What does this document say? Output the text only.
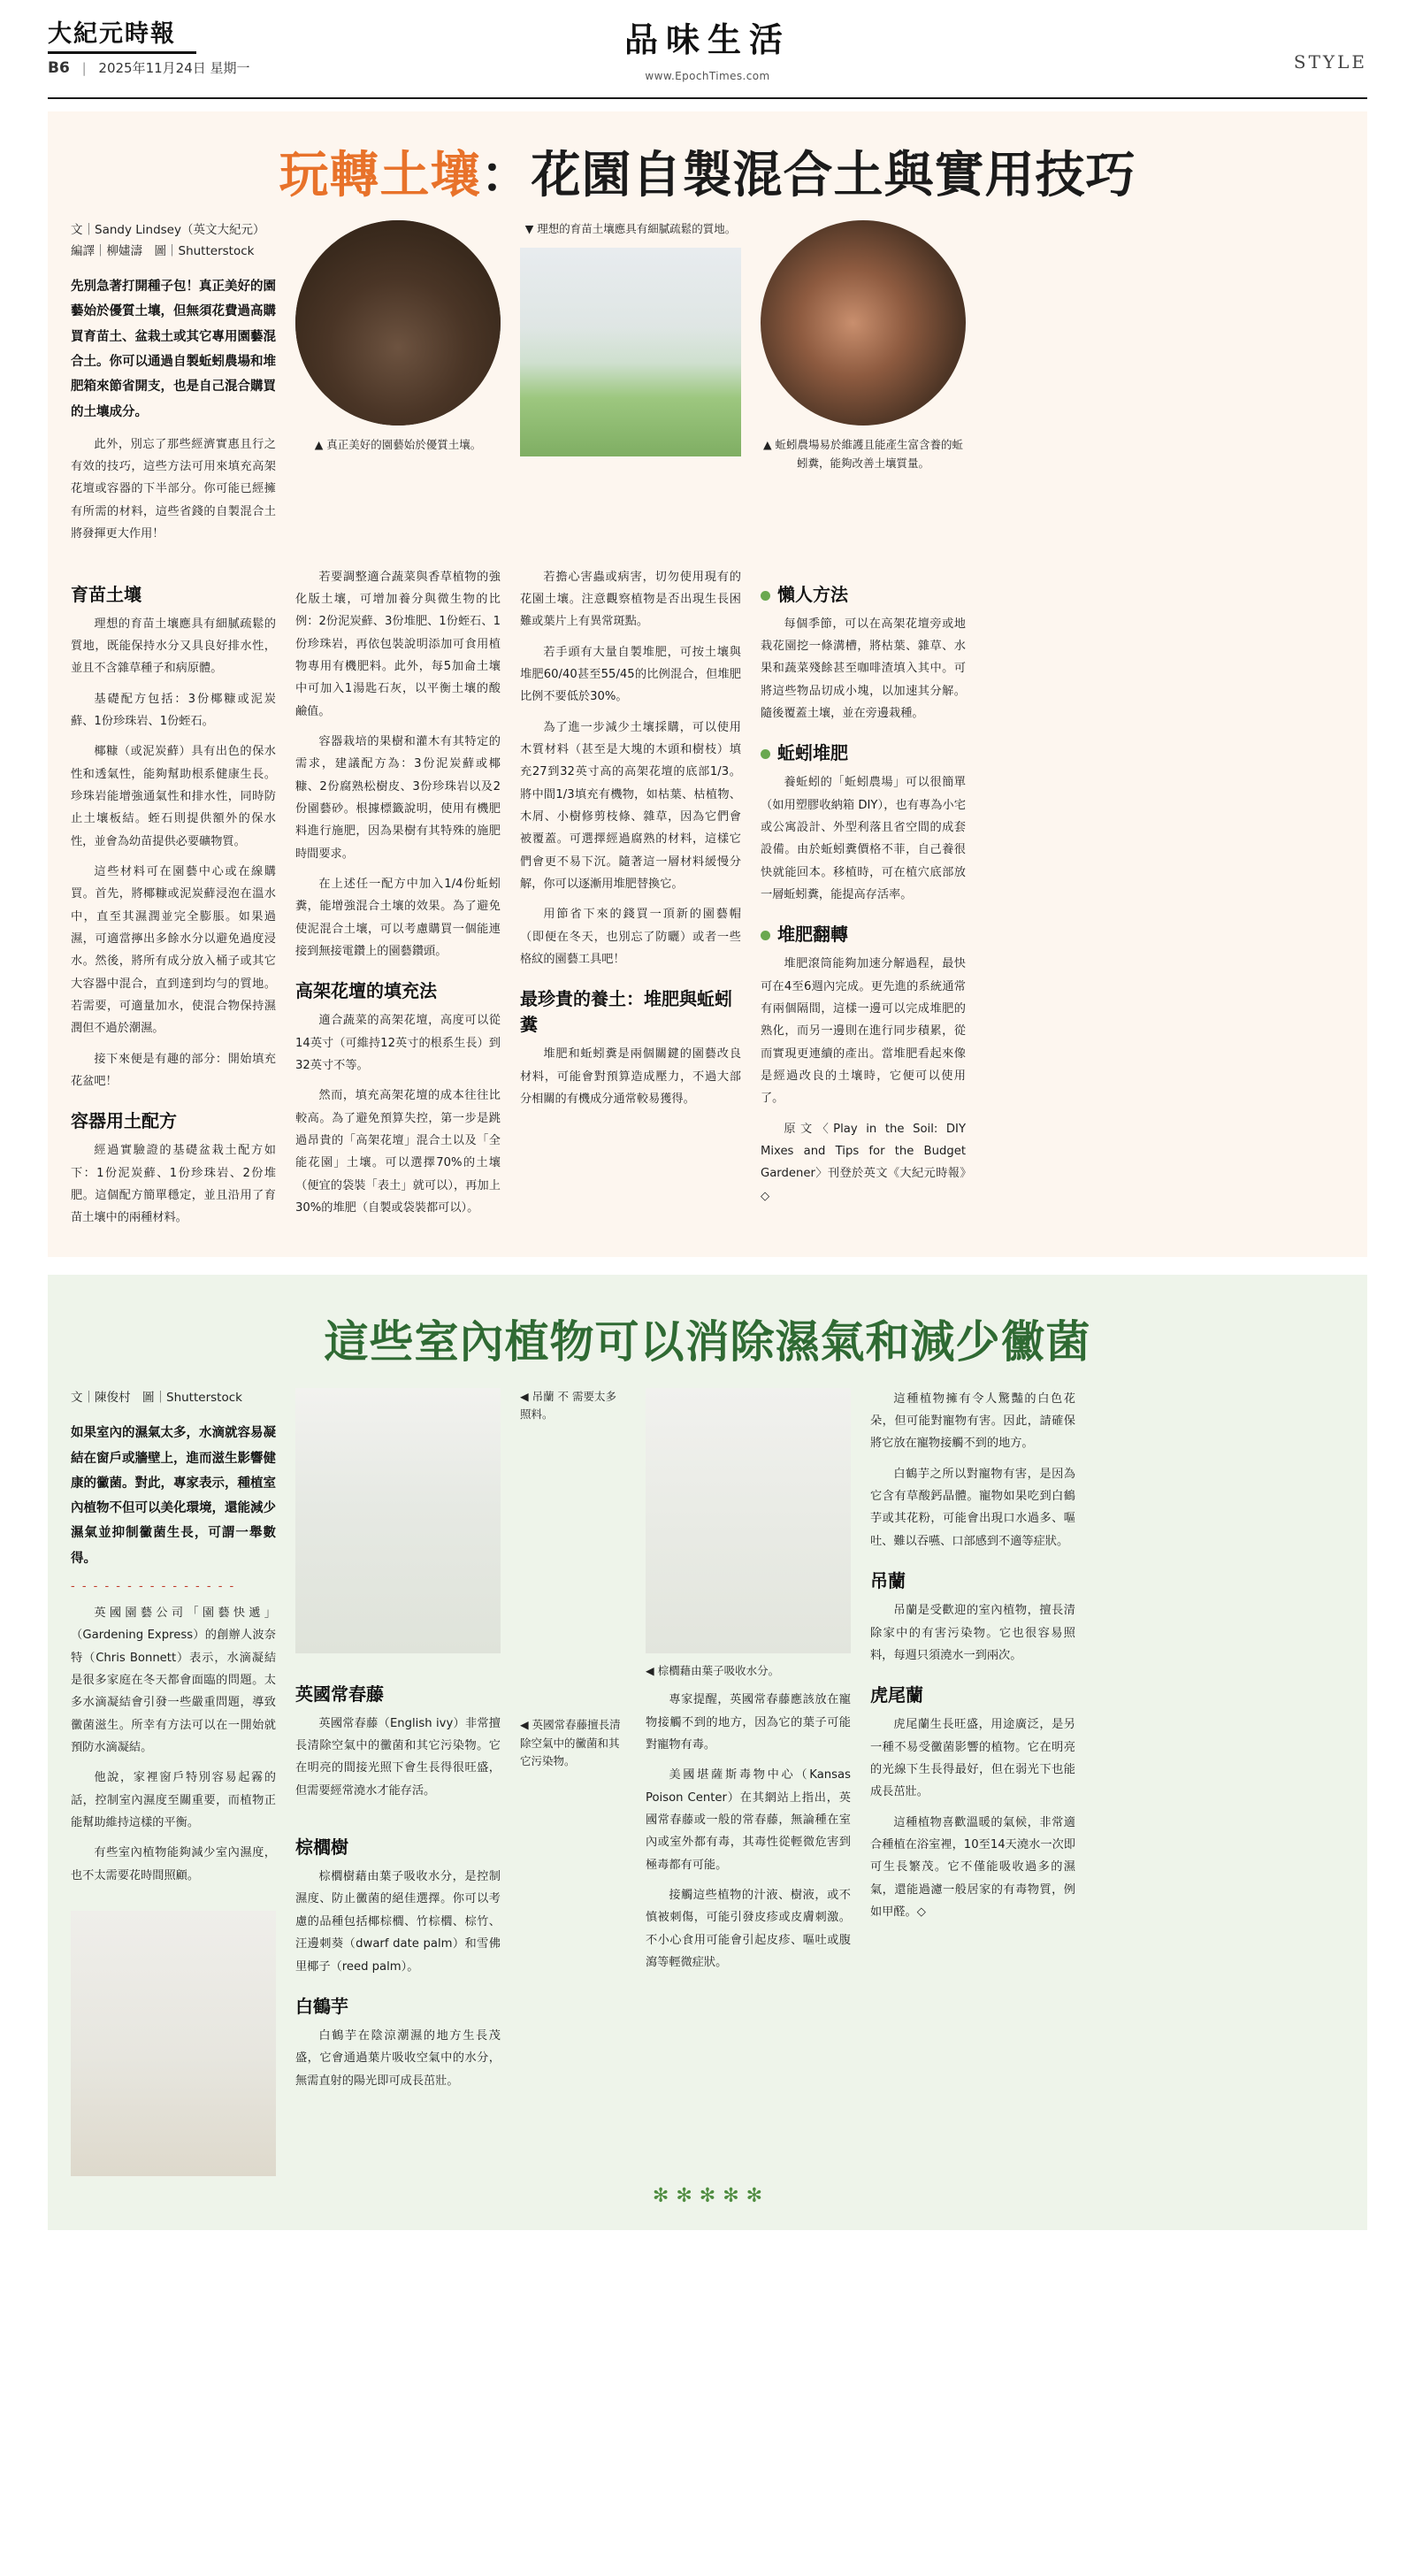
大紀元時報
B6 | 2025年11月24日 星期一
品味生活
www.EpochTimes.com
STYLE
玩轉土壤：花園自製混合土與實用技巧
文｜Sandy Lindsey（英文大紀元）
編譯｜柳嫿濤　圖｜Shutterstock

先別急著打開種子包！真正美好的園藝始於優質土壤，但無須花費過高購買育苗土、盆栽土或其它專用園藝混合土。你可以通過自製蚯蚓農場和堆肥箱來節省開支，也是自己混合購買的土壤成分。

此外，別忘了那些經濟實惠且行之有效的技巧，這些方法可用來填充高架花壇或容器的下半部分。你可能已經擁有所需的材料，這些省錢的自製混合土將發揮更大作用！

▲ 真正美好的園藝始於優質土壤。
▼ 理想的育苗土壤應具有細膩疏鬆的質地。
▲ 蚯蚓農場易於維護且能產生富含養的蚯蚓糞，能夠改善土壤質量。
育苗土壤

理想的育苗土壤應具有細膩疏鬆的質地，既能保持水分又具良好排水性，並且不含雜草種子和病原體。

基礎配方包括：3份椰糠或泥炭蘚、1份珍珠岩、1份蛭石。

椰糠（或泥炭蘚）具有出色的保水性和透氣性，能夠幫助根系健康生長。珍珠岩能增強通氣性和排水性，同時防止土壤板結。蛭石則提供額外的保水性，並會為幼苗提供必要礦物質。

這些材料可在園藝中心或在線購買。首先，將椰糠或泥炭蘚浸泡在溫水中，直至其濕潤並完全膨脹。如果過濕，可適當擰出多餘水分以避免過度浸水。然後，將所有成分放入桶子或其它大容器中混合，直到達到均勻的質地。若需要，可適量加水，使混合物保持濕潤但不過於潮濕。

接下來便是有趣的部分：開始填充花盆吧！

容器用土配方

經過實驗證的基礎盆栽土配方如下：1份泥炭蘚、1份珍珠岩、2份堆肥。這個配方簡單穩定，並且沿用了育苗土壤中的兩種材料。

若要調整適合蔬菜與香草植物的強化版土壤，可增加養分與微生物的比例：2份泥炭蘚、3份堆肥、1份蛭石、1份珍珠岩，再依包裝說明添加可食用植物專用有機肥料。此外，每5加侖土壤中可加入1湯匙石灰，以平衡土壤的酸鹼值。

容器栽培的果樹和灌木有其特定的需求，建議配方為：3份泥炭蘚或椰糠、2份腐熟松樹皮、3份珍珠岩以及2份園藝砂。根據標籤說明，使用有機肥料進行施肥，因為果樹有其特殊的施肥時間要求。

在上述任一配方中加入1/4份蚯蚓糞，能增強混合土壤的效果。為了避免使泥混合土壤，可以考慮購買一個能連接到無接電鑽上的園藝鑽頭。

高架花壇的填充法

適合蔬菜的高架花壇，高度可以從14英寸（可維持12英寸的根系生長）到32英寸不等。

然而，填充高架花壇的成本往往比較高。為了避免預算失控，第一步是跳過昂貴的「高架花壇」混合土以及「全能花園」土壤。可以選擇70%的土壤（便宜的袋裝「表土」就可以），再加上30%的堆肥（自製或袋裝都可以）。

若擔心害蟲或病害，切勿使用現有的花園土壤。注意觀察植物是否出現生長困難或葉片上有異常斑點。

若手頭有大量自製堆肥，可按土壤與堆肥60/40甚至55/45的比例混合，但堆肥比例不要低於30%。

為了進一步減少土壤採購，可以使用木質材料（甚至是大塊的木頭和樹枝）填充27到32英寸高的高架花壇的底部1/3。將中間1/3填充有機物，如枯葉、枯植物、木屑、小樹修剪枝條、雜草，因為它們會被覆蓋。可選擇經過腐熟的材料，這樣它們會更不易下沉。隨著這一層材料緩慢分解，你可以逐漸用堆肥替換它。

用節省下來的錢買一頂新的園藝帽（即便在冬天，也別忘了防曬）或者一些格紋的園藝工具吧！

最珍貴的養土：堆肥與蚯蚓糞

堆肥和蚯蚓糞是兩個關鍵的園藝改良材料，可能會對預算造成壓力，不過大部分相關的有機成分通常較易獲得。

懶人方法

每個季節，可以在高架花壇旁或地栽花園挖一條溝槽，將枯葉、雜草、水果和蔬菜殘餘甚至咖啡渣填入其中。可將這些物品切成小塊，以加速其分解。隨後覆蓋土壤，並在旁邊栽種。

蚯蚓堆肥

養蚯蚓的「蚯蚓農場」可以很簡單（如用塑膠收納箱 DIY），也有專為小宅或公寓設計、外型利落且省空間的成套設備。由於蚯蚓糞價格不菲，自己養很快就能回本。移植時，可在植穴底部放一層蚯蚓糞，能提高存活率。

堆肥翻轉

堆肥滾筒能夠加速分解過程，最快可在4至6週內完成。更先進的系統通常有兩個隔間，這樣一邊可以完成堆肥的熟化，而另一邊則在進行同步積累，從而實現更連續的產出。當堆肥看起來像是經過改良的土壤時，它便可以使用了。

原文〈Play in the Soil: DIY Mixes and Tips for the Budget Gardener〉刊登於英文《大紀元時報》◇

這些室內植物可以消除濕氣和減少黴菌
文｜陳俊村　圖｜Shutterstock

如果室內的濕氣太多，水滴就容易凝結在窗戶或牆壁上，進而滋生影響健康的黴菌。對此，專家表示，種植室內植物不但可以美化環境，還能減少濕氣並抑制黴菌生長，可謂一舉數得。

- - - - - - - - - - - - - - -

英國園藝公司「園藝快遞」（Gardening Express）的創辦人波奈特（Chris Bonnett）表示，水滴凝結是很多家庭在冬天都會面臨的問題。太多水滴凝結會引發一些嚴重問題，導致黴菌滋生。所幸有方法可以在一開始就預防水滴凝結。

他說，家裡窗戶特別容易起霧的話，控制室內濕度至關重要，而植物正能幫助維持這樣的平衡。

有些室內植物能夠減少室內濕度，也不太需要花時間照顧。

英國常春藤

英國常春藤（English ivy）非常擅長清除空氣中的黴菌和其它污染物。它在明亮的間接光照下會生長得很旺盛，但需要經常澆水才能存活。

棕櫚樹

棕櫚樹藉由葉子吸收水分，是控制濕度、防止黴菌的絕佳選擇。你可以考慮的品種包括椰棕櫚、竹棕櫚、棕竹、汪邊刺葵（dwarf date palm）和雪佛里椰子（reed palm）。

白鶴芋

白鶴芋在陰涼潮濕的地方生長茂盛，它會通過葉片吸收空氣中的水分，無需直射的陽光即可成長茁壯。

◀ 吊蘭 不 需要太多照料。
◀ 英國常春藤擅長清除空氣中的黴菌和其它污染物。
◀ 棕櫚藉由葉子吸收水分。

專家提醒，英國常春藤應該放在寵物接觸不到的地方，因為它的葉子可能對寵物有毒。

美國堪薩斯毒物中心（Kansas Poison Center）在其網站上指出，英國常春藤或一般的常春藤，無論種在室內或室外都有毒，其毒性從輕微危害到極毒都有可能。

接觸這些植物的汁液、樹液，或不慎被刺傷，可能引發皮疹或皮膚刺激。不小心食用可能會引起皮疹、嘔吐或腹瀉等輕微症狀。

這種植物擁有令人驚豔的白色花朵，但可能對寵物有害。因此，請確保將它放在寵物接觸不到的地方。

白鶴芋之所以對寵物有害，是因為它含有草酸鈣晶體。寵物如果吃到白鶴芋或其花粉，可能會出現口水過多、嘔吐、難以吞嚥、口部感到不適等症狀。

吊蘭

吊蘭是受歡迎的室內植物，擅長清除家中的有害污染物。它也很容易照料，每週只須澆水一到兩次。

虎尾蘭

虎尾蘭生長旺盛，用途廣泛，是另一種不易受黴菌影響的植物。它在明亮的光線下生長得最好，但在弱光下也能成長茁壯。

這種植物喜歡溫暖的氣候，非常適合種植在浴室裡，10至14天澆水一次即可生長繁茂。它不僅能吸收過多的濕氣，還能過濾一般居家的有毒物質，例如甲醛。◇

✻ ✻ ✻ ✻ ✻
